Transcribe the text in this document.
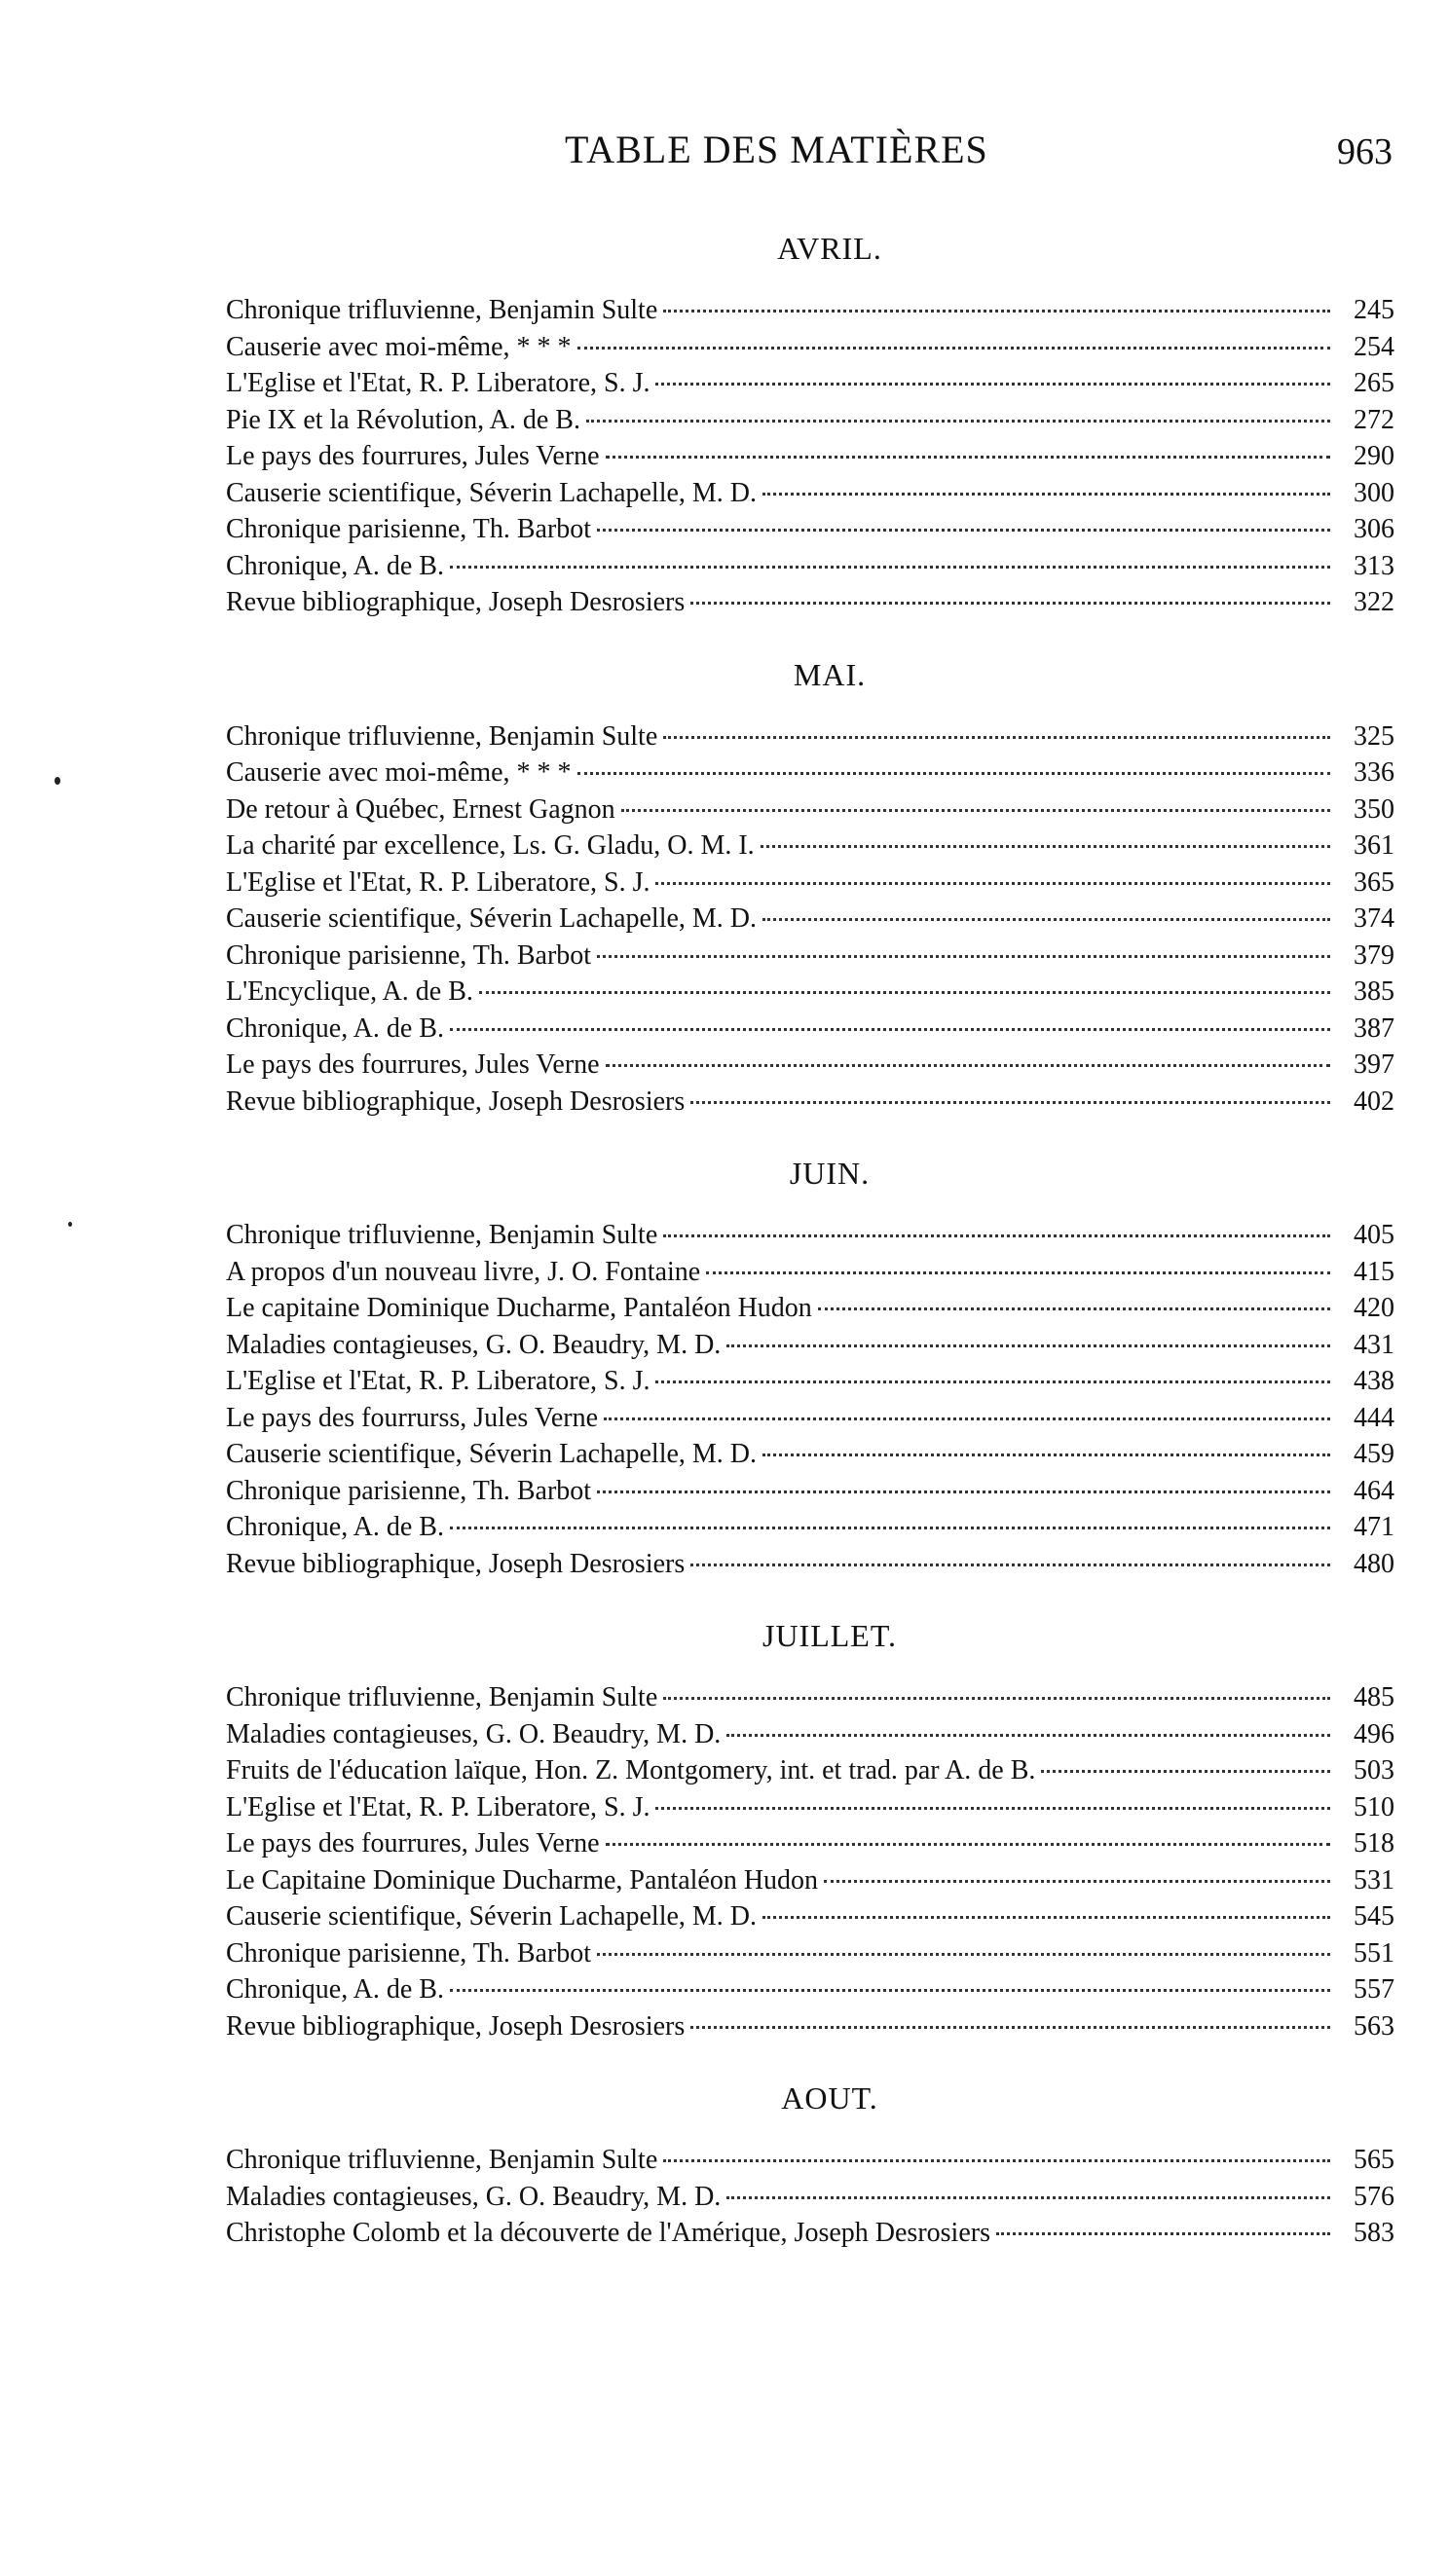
TABLE DES MATIÈRES	963
AVRIL.
Chronique trifluvienne, Benjamin Sulte	245
Causerie avec moi-même, * * *	254
L'Eglise et l'Etat, R. P. Liberatore, S. J.	265
Pie IX et la Révolution, A. de B.	272
Le pays des fourrures, Jules Verne	290
Causerie scientifique, Séverin Lachapelle, M. D.	300
Chronique parisienne, Th. Barbot	306
Chronique, A. de B.	313
Revue bibliographique, Joseph Desrosiers	322
MAI.
Chronique trifluvienne, Benjamin Sulte	325
Causerie avec moi-même, * * *	336
De retour à Québec, Ernest Gagnon	350
La charité par excellence, Ls. G. Gladu, O. M. I.	361
L'Eglise et l'Etat, R. P. Liberatore, S. J.	365
Causerie scientifique, Séverin Lachapelle, M. D.	374
Chronique parisienne, Th. Barbot	379
L'Encyclique, A. de B.	385
Chronique, A. de B.	387
Le pays des fourrures, Jules Verne	397
Revue bibliographique, Joseph Desrosiers	402
JUIN.
Chronique trifluvienne, Benjamin Sulte	405
A propos d'un nouveau livre, J. O. Fontaine	415
Le capitaine Dominique Ducharme, Pantaléon Hudon	420
Maladies contagieuses, G. O. Beaudry, M. D.	431
L'Eglise et l'Etat, R. P. Liberatore, S. J.	438
Le pays des fourrurss, Jules Verne	444
Causerie scientifique, Séverin Lachapelle, M. D.	459
Chronique parisienne, Th. Barbot	464
Chronique, A. de B.	471
Revue bibliographique, Joseph Desrosiers	480
JUILLET.
Chronique trifluvienne, Benjamin Sulte	485
Maladies contagieuses, G. O. Beaudry, M. D.	496
Fruits de l'éducation laïque, Hon. Z. Montgomery, int. et trad. par A. de B.	503
L'Eglise et l'Etat, R. P. Liberatore, S. J.	510
Le pays des fourrures, Jules Verne	518
Le Capitaine Dominique Ducharme, Pantaléon Hudon	531
Causerie scientifique, Séverin Lachapelle, M. D.	545
Chronique parisienne, Th. Barbot	551
Chronique, A. de B.	557
Revue bibliographique, Joseph Desrosiers	563
AOUT.
Chronique trifluvienne, Benjamin Sulte	565
Maladies contagieuses, G. O. Beaudry, M. D.	576
Christophe Colomb et la découverte de l'Amérique, Joseph Desrosiers	583
